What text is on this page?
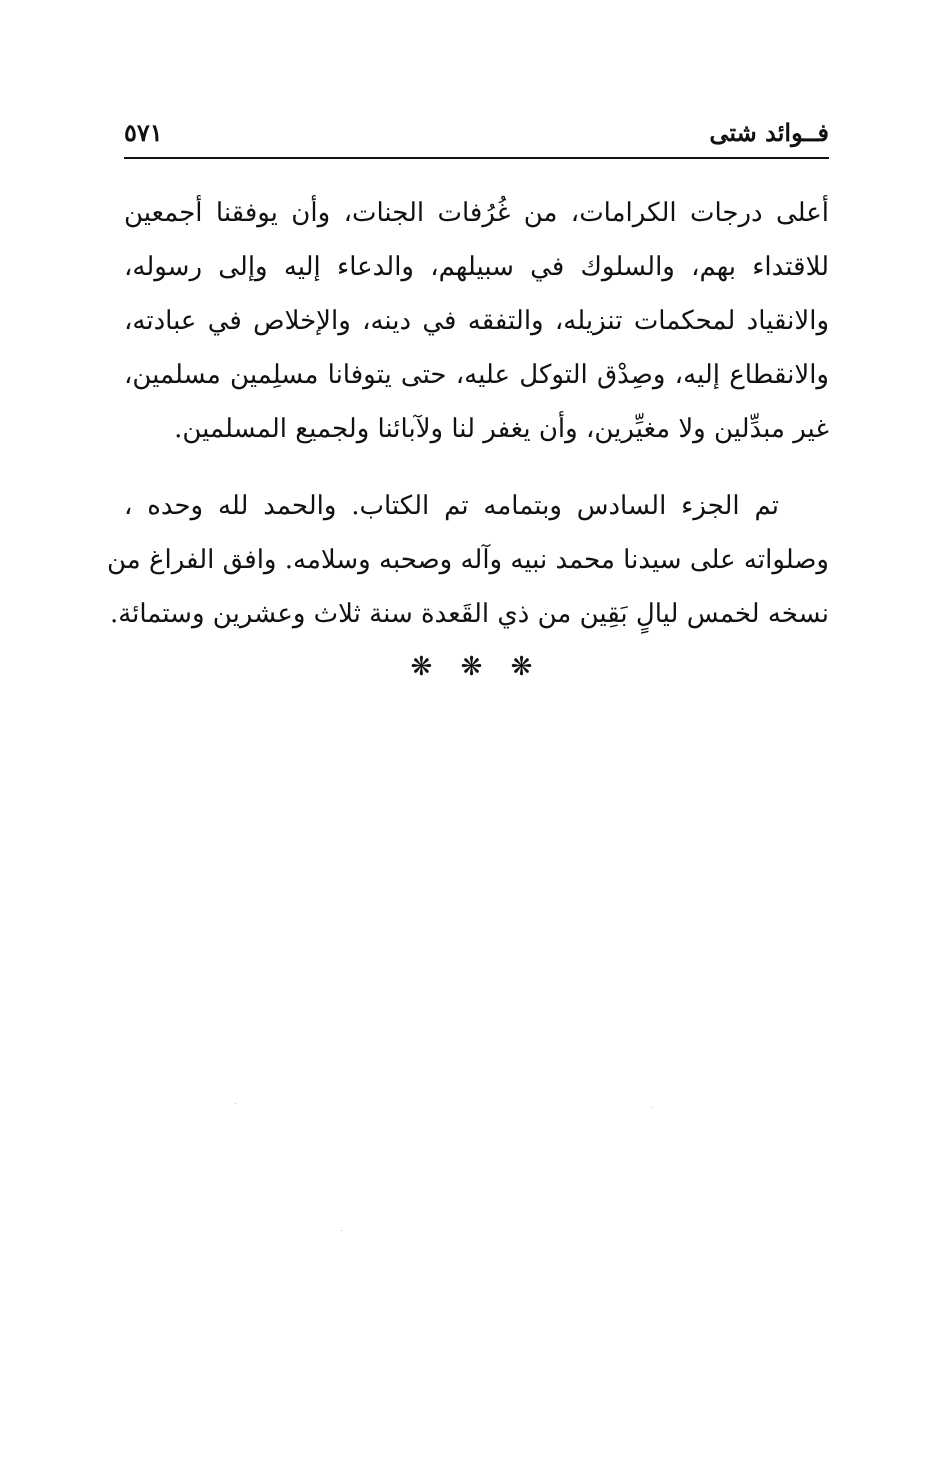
فــوائد شتى
٥٧١
أعلى درجات الكرامات، من غُرُفات الجنات، وأن يوفقنا أجمعين
للاقتداء بهم، والسلوك في سبيلهم، والدعاء إليه وإلى رسوله،
والانقياد لمحكمات تنزيله، والتفقه في دينه، والإخلاص في عبادته،
والانقطاع إليه، وصِدْق التوكل عليه، حتى يتوفانا مسلِمين مسلمين،
غير مبدِّلين ولا مغيِّرين، وأن يغفر لنا ولآبائنا ولجميع المسلمين.
تم الجزء السادس وبتمامه تم الكتاب. والحمد لله وحده ،
وصلواته على سيدنا محمد نبيه وآله وصحبه وسلامه. وافق الفراغ من
نسخه لخمس ليالٍ بَقِين من ذي القَعدة سنة ثلاث وعشرين وستمائة.
❋ ❋ ❋
